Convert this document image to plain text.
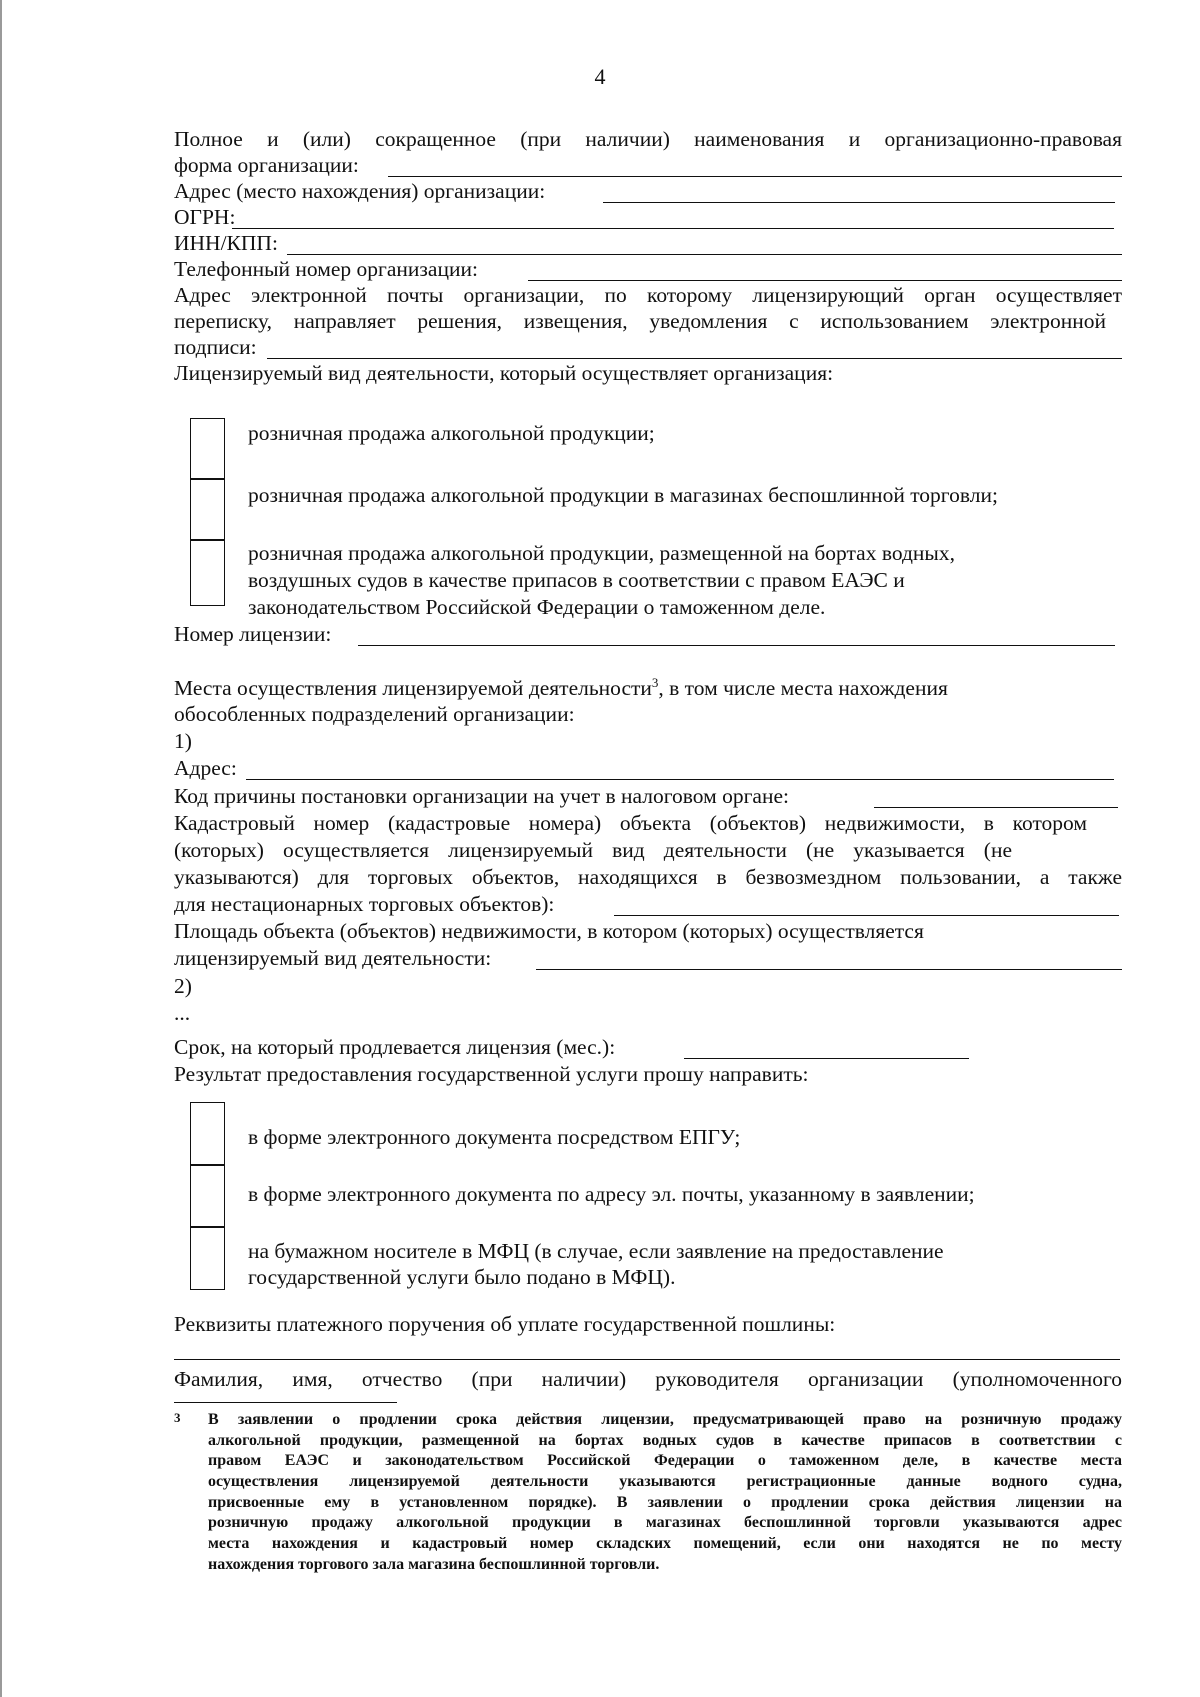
4
Полное и (или) сокращенное (при наличии) наименования и организационно-правовая
форма организации:
Адрес (место нахождения) организации:
ОГРН:
ИНН/КПП:
Телефонный номер организации:
Адрес электронной почты организации, по которому лицензирующий орган осуществляет
переписку, направляет решения, извещения, уведомления с использованием электронной
подписи:
Лицензируемый вид деятельности, который осуществляет организация:
розничная продажа алкогольной продукции;
розничная продажа алкогольной продукции в магазинах беспошлинной торговли;
розничная продажа алкогольной продукции, размещенной на бортах водных,
воздушных судов в качестве припасов в соответствии с правом ЕАЭС и
законодательством Российской Федерации о таможенном деле.
Номер лицензии:
Места осуществления лицензируемой деятельности$^3$, в том числе места нахождения
обособленных подразделений организации:
1)
Адрес:
Код причины постановки организации на учет в налоговом органе:
Кадастровый номер (кадастровые номера) объекта (объектов) недвижимости, в котором
(которых) осуществляется лицензируемый вид деятельности (не указывается (не
указываются) для торговых объектов, находящихся в безвозмездном пользовании, а также
для нестационарных торговых объектов):
Площадь объекта (объектов) недвижимости, в котором (которых) осуществляется
лицензируемый вид деятельности:
2)
...
Срок, на который продлевается лицензия (мес.):
Результат предоставления государственной услуги прошу направить:
в форме электронного документа посредством ЕПГУ;
в форме электронного документа по адресу эл. почты, указанному в заявлении;
на бумажном носителе в МФЦ (в случае, если заявление на предоставление
государственной услуги было подано в МФЦ).
Реквизиты платежного поручения об уплате государственной пошлины:
Фамилия, имя, отчество (при наличии) руководителя организации (уполномоченного
3 В заявлении о продлении срока действия лицензии, предусматривающей право на розничную продажу
алкогольной продукции, размещенной на бортах водных судов в качестве припасов в соответствии с
правом ЕАЭС и законодательством Российской Федерации о таможенном деле, в качестве места
осуществления лицензируемой деятельности указываются регистрационные данные водного судна,
присвоенные ему в установленном порядке). В заявлении о продлении срока действия лицензии на
розничную продажу алкогольной продукции в магазинах беспошлинной торговли указываются адрес
места нахождения и кадастровый номер складских помещений, если они находятся не по месту
нахождения торгового зала магазина беспошлинной торговли.
